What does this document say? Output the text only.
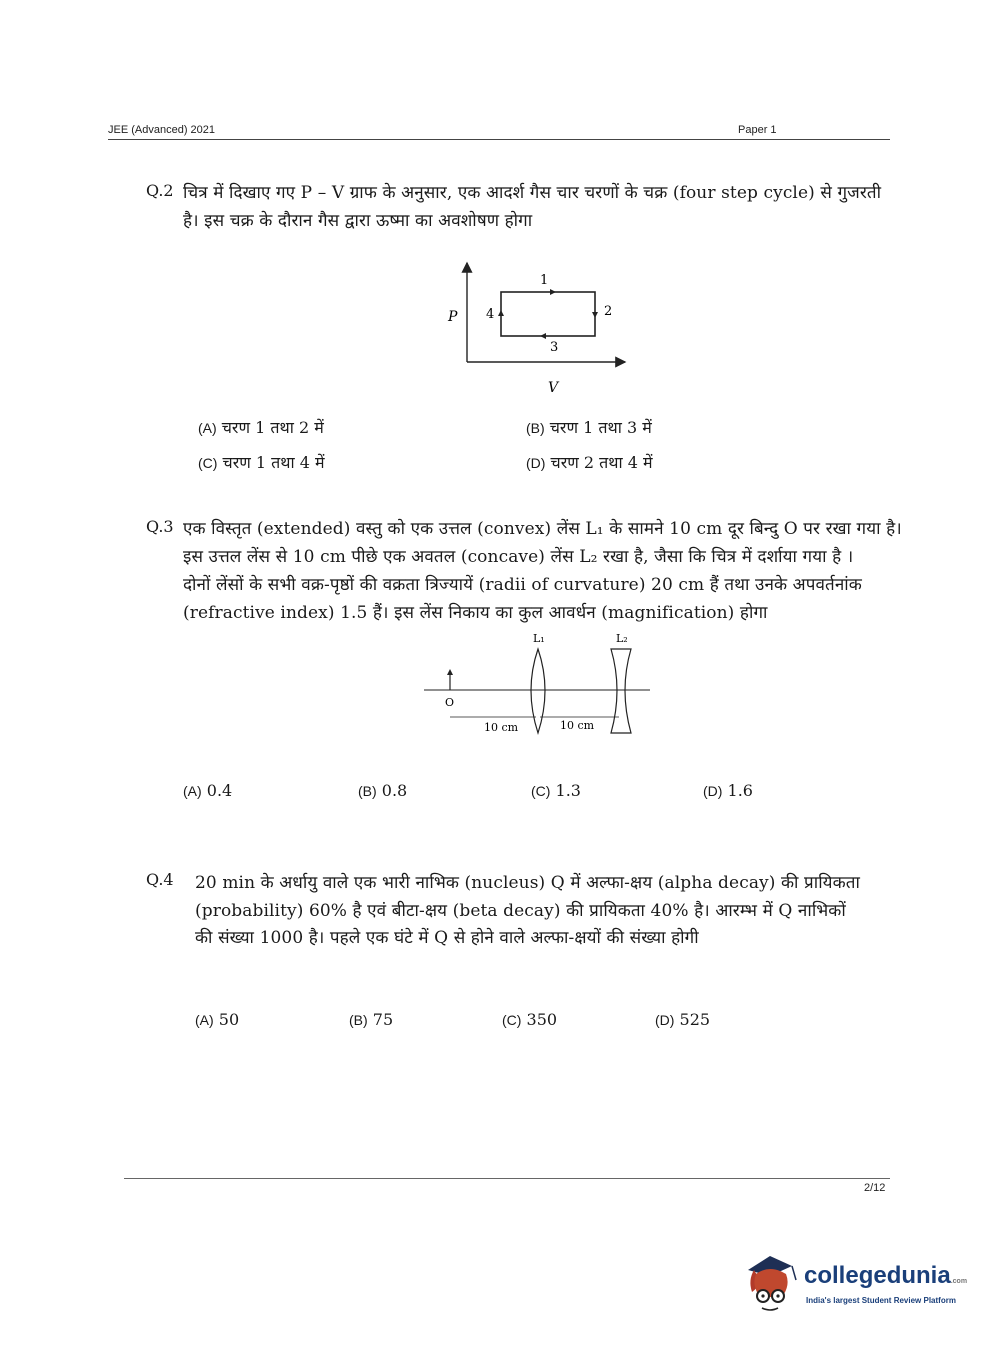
JEE (Advanced) 2021	Paper 1
Q.2 चित्र में दिखाए गए P – V ग्राफ के अनुसार, एक आदर्श गैस चार चरणों के चक्र (four step cycle) से गुजरती
है। इस चक्र के दौरान गैस द्वारा ऊष्मा का अवशोषण होगा
P
V
1
2
3
4
(A) चरण 1 तथा 2 में	(B) चरण 1 तथा 3 में
(C) चरण 1 तथा 4 में	(D) चरण 2 तथा 4 में
Q.3 एक विस्तृत (extended) वस्तु को एक उत्तल (convex) लेंस L₁ के सामने 10 cm दूर बिन्दु O पर रखा गया है।
इस उत्तल लेंस से 10 cm पीछे एक अवतल (concave) लेंस L₂ रखा है, जैसा कि चित्र में दर्शाया गया है ।
दोनों लेंसों के सभी वक्र-पृष्ठों की वक्रता त्रिज्यायें (radii of curvature) 20 cm हैं तथा उनके अपवर्तनांक
(refractive index) 1.5 हैं। इस लेंस निकाय का कुल आवर्धन (magnification) होगा
O
L₁	L₂
10 cm	10 cm
(A) 0.4	(B) 0.8	(C) 1.3	(D) 1.6
Q.4 20 min के अर्धायु वाले एक भारी नाभिक (nucleus) Q में अल्फा-क्षय (alpha decay) की प्रायिकता
(probability) 60% है एवं बीटा-क्षय (beta decay) की प्रायिकता 40% है। आरम्भ में Q नाभिकों
की संख्या 1000 है। पहले एक घंटे में Q से होने वाले अल्फा-क्षयों की संख्या होगी
(A) 50	(B) 75	(C) 350	(D) 525
2/12
collegedunia.com
India's largest Student Review Platform
